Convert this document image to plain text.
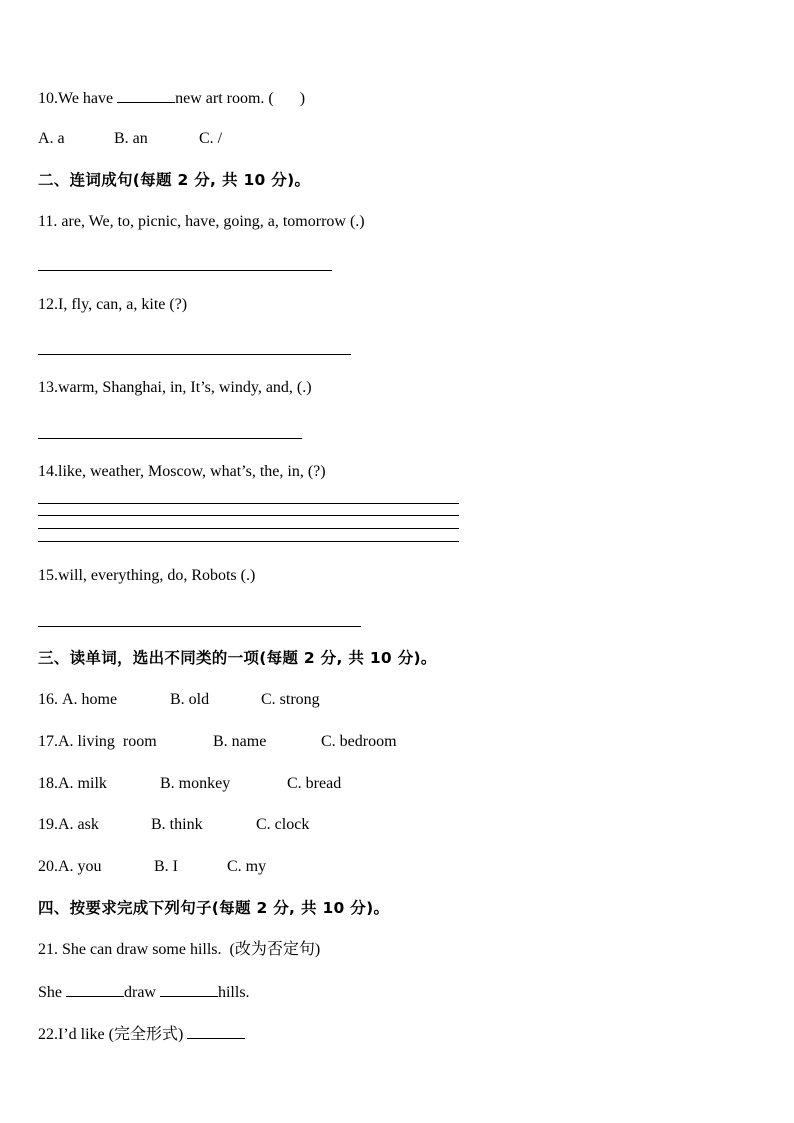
10.We have	new art room. ( )
A. a	B. an	C. /
二、连词成句(每题 2 分, 共 10 分)。
11. are, We, to, picnic, have, going, a, tomorrow (.)
12.I, fly, can, a, kite (?)
13.warm, Shanghai, in, It’s, windy, and, (.)
14.like, weather, Moscow, what’s, the, in, (?)
15.will, everything, do, Robots (.)
三、读单词，选出不同类的一项(每题 2 分, 共 10 分)。
16. A. home	B. old	C. strong
17.A. living  room	B. name	C. bedroom
18.A. milk	B. monkey	C. bread
19.A. ask	B. think	C. clock
20.A. you	B. I	C. my
四、按要求完成下列句子(每题 2 分, 共 10 分)。
21. She can draw some hills.  (改为否定句)
She	draw	hills.
22.I’d like (完全形式)
